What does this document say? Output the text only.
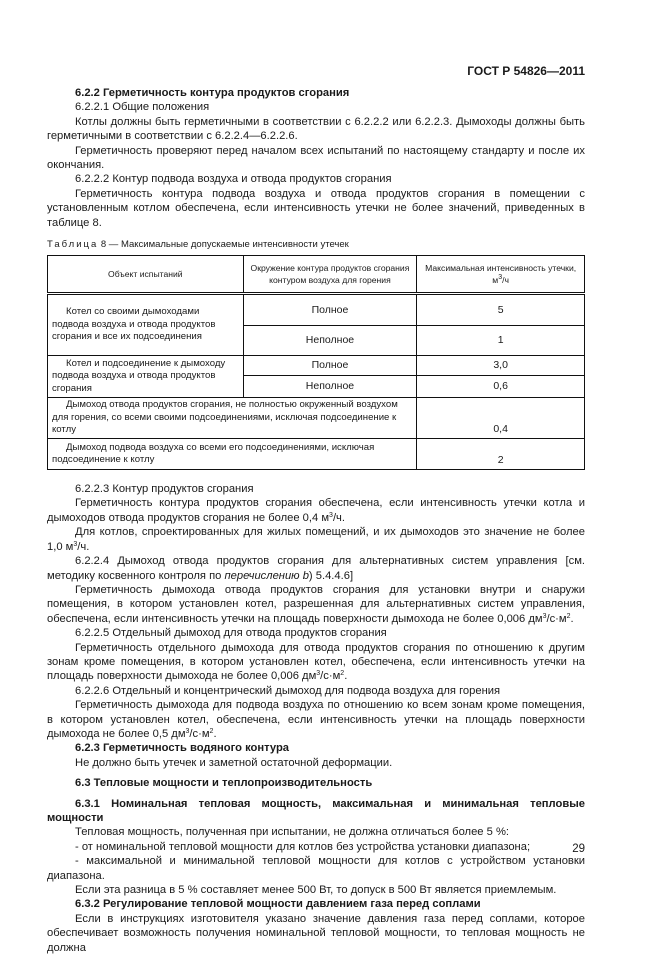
ГОСТ Р 54826—2011

6.2.2 Герметичность контура продуктов сгорания

6.2.2.1 Общие положения

Котлы должны быть герметичными в соответствии с 6.2.2.2 или 6.2.2.3. Дымоходы должны быть герметичными в соответствии с 6.2.2.4—6.2.2.6.

Герметичность проверяют перед началом всех испытаний по настоящему стандарту и после их окончания.

6.2.2.2 Контур подвода воздуха и отвода продуктов сгорания

Герметичность контура подвода воздуха и отвода продуктов сгорания в помещении с установленным котлом обеспечена, если интенсивность утечки не более значений, приведенных в таблице 8.

Таблица 8 — Максимальные допускаемые интенсивности утечек
Объект испытаний	Окружение контура продуктов сгорания контуром воздуха для горения	Максимальная интенсивность утечки, $м^3/ч$

Котел со своими дымоходами подвода воздуха и отвода продуктов сгорания и все их подсоединения	Полное	5
	Неполное	1

Котел и подсоединение к дымоходу подвода воздуха и отвода продуктов сгорания	Полное	3,0
	Неполное	0,6

Дымоход отвода продуктов сгорания, не полностью окруженный воздухом для горения, со всеми своими подсоединениями, исключая подсоединение к котлу		0,4

Дымоход подвода воздуха со всеми его подсоединениями, исключая подсоединение к котлу		2

6.2.2.3 Контур продуктов сгорания

Герметичность контура продуктов сгорания обеспечена, если интенсивность утечки котла и дымоходов отвода продуктов сгорания не более 0,4 $м^3/ч$.

Для котлов, спроектированных для жилых помещений, и их дымоходов это значение не более 1,0 $м^3/ч$.

6.2.2.4 Дымоход отвода продуктов сгорания для альтернативных систем управления [см. методику косвенного контроля по перечислению b) 5.4.4.6]

Герметичность дымохода отвода продуктов сгорания для установки внутри и снаружи помещения, в котором установлен котел, разрешенная для альтернативных систем управления, обеспечена, если интенсивность утечки на площадь поверхности дымохода не более 0,006 $дм^3/с\cdot м^2$.

6.2.2.5 Отдельный дымоход для отвода продуктов сгорания

Герметичность отдельного дымохода для отвода продуктов сгорания по отношению к другим зонам кроме помещения, в котором установлен котел, обеспечена, если интенсивность утечки на площадь поверхности дымохода не более 0,006 $дм^3/с\cdot м^2$.

6.2.2.6 Отдельный и концентрический дымоход для подвода воздуха для горения

Герметичность дымохода для подвода воздуха по отношению ко всем зонам кроме помещения, в котором установлен котел, обеспечена, если интенсивность утечки на площадь поверхности дымохода не более 0,5 $дм^3/с\cdot м^2$.

6.2.3 Герметичность водяного контура

Не должно быть утечек и заметной остаточной деформации.

6.3 Тепловые мощности и теплопроизводительность

6.3.1 Номинальная тепловая мощность, максимальная и минимальная тепловые мощности

Тепловая мощность, полученная при испытании, не должна отличаться более 5 %:

- от номинальной тепловой мощности для котлов без устройства установки диапазона;

- максимальной и минимальной тепловой мощности для котлов с устройством установки диапазона.

Если эта разница в 5 % составляет менее 500 Вт, то допуск в 500 Вт является приемлемым.

6.3.2 Регулирование тепловой мощности давлением газа перед соплами

Если в инструкциях изготовителя указано значение давления газа перед соплами, которое обеспечивает возможность получения номинальной тепловой мощности, то тепловая мощность не должна

29
